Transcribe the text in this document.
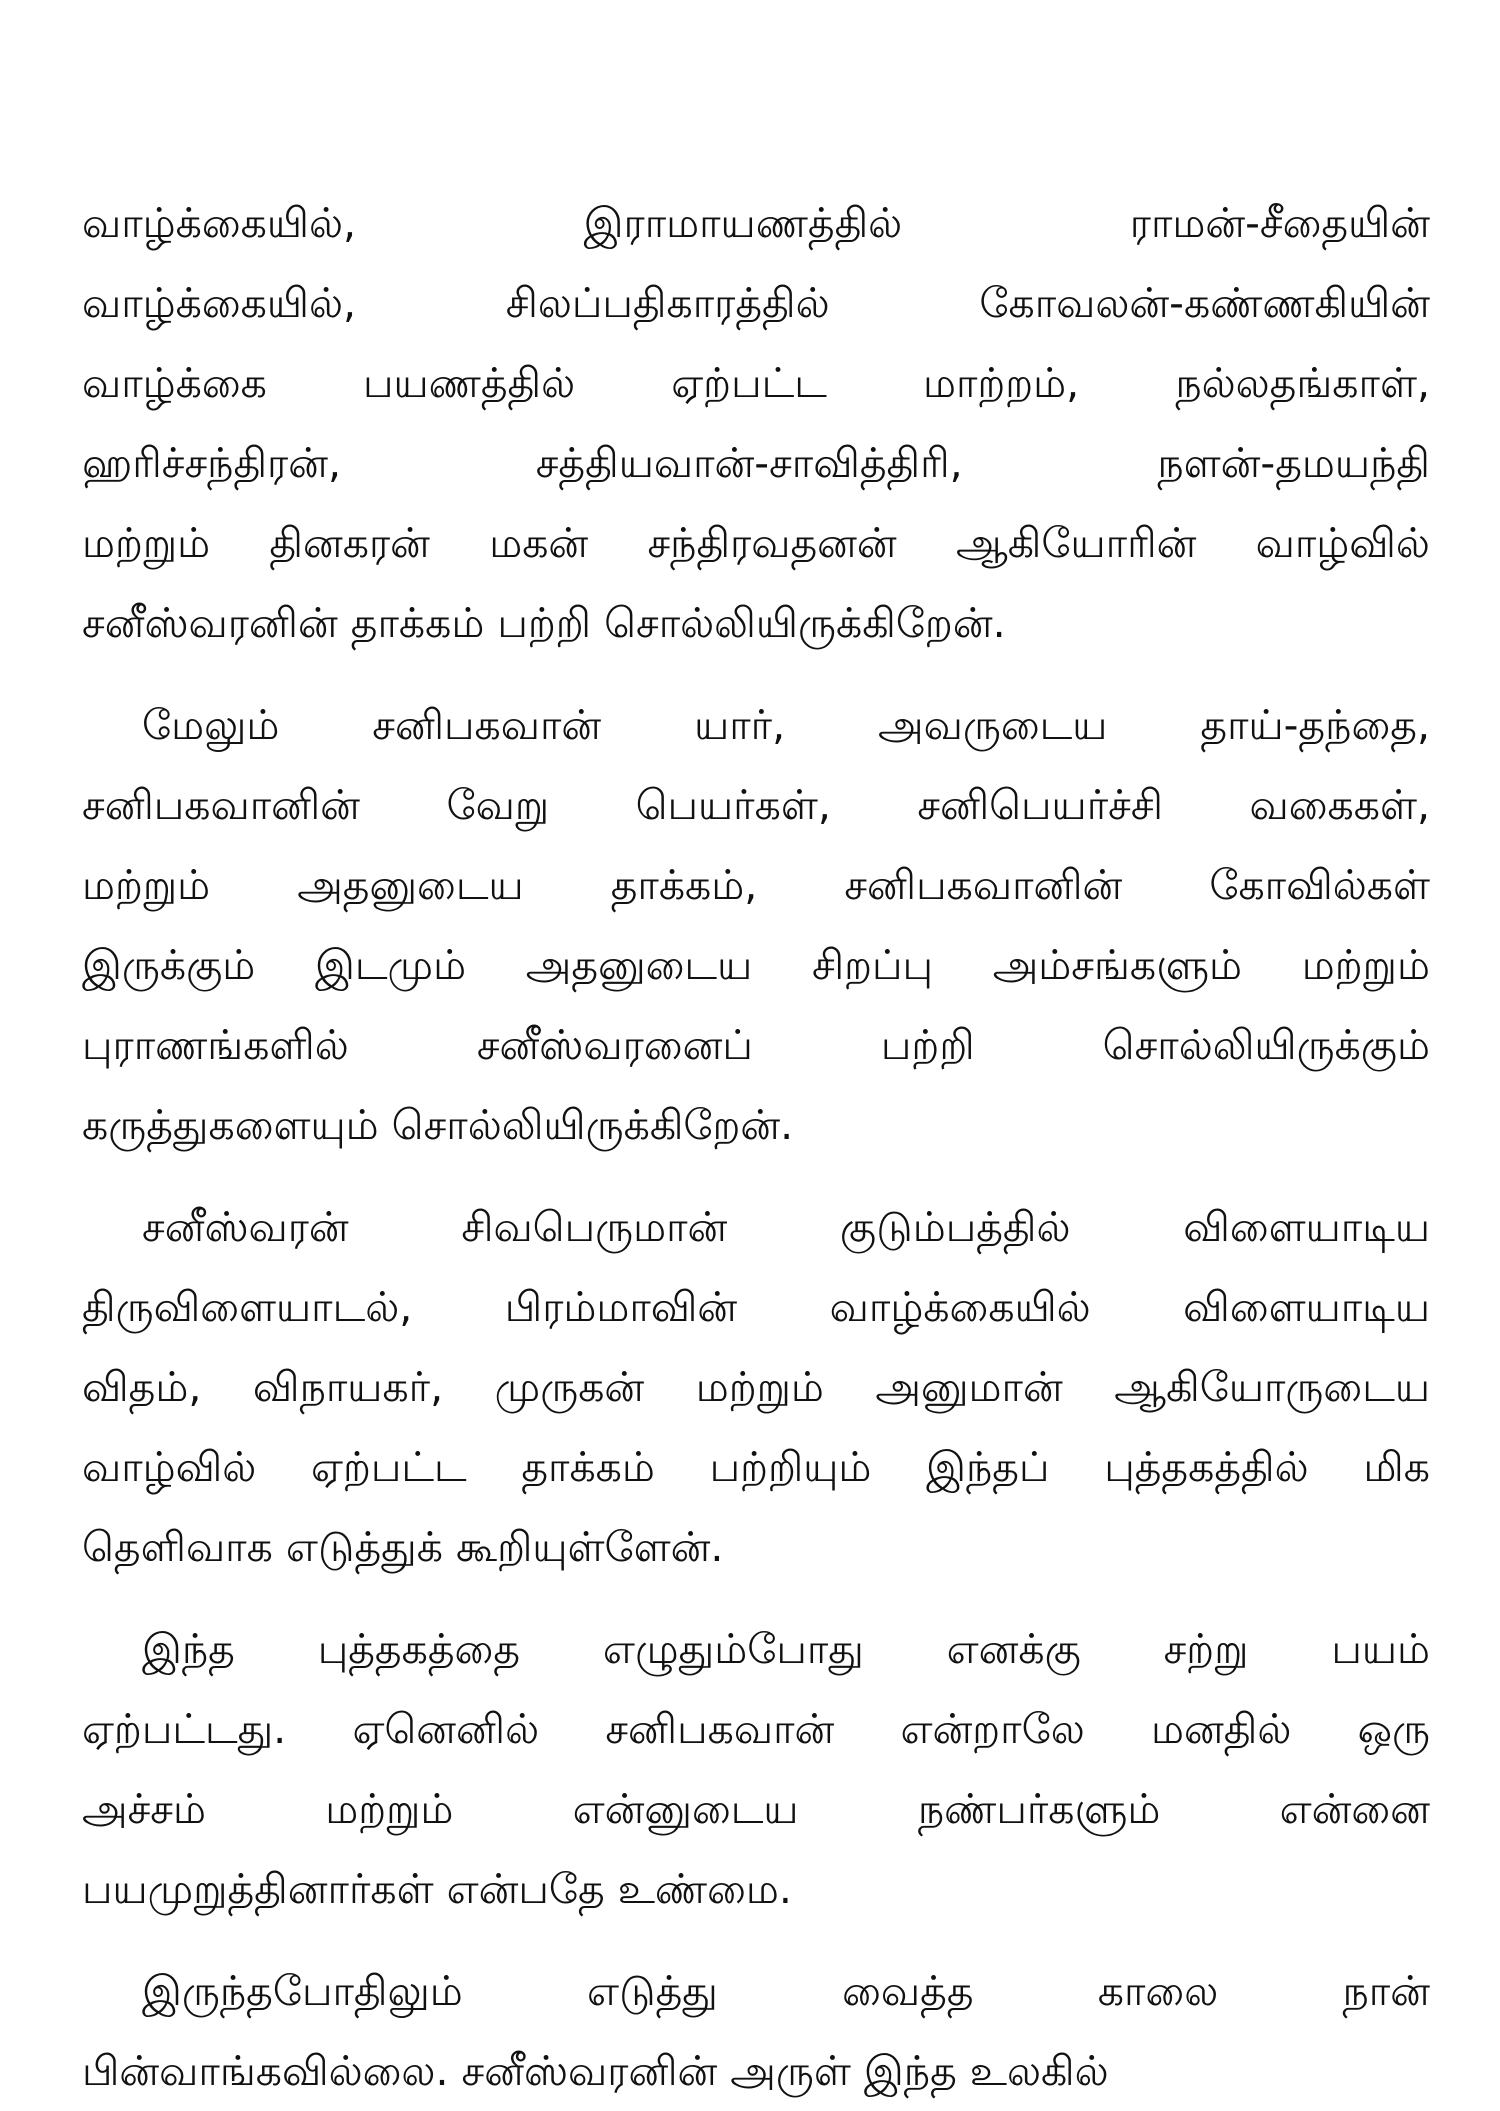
வாழ்க்கையில்,	இராமாயணத்தில்	ராமன்-சீதையின்
வாழ்க்கையில்,	சிலப்பதிகாரத்தில்	கோவலன்-கண்ணகியின்
வாழ்க்கை பயணத்தில் ஏற்பட்ட மாற்றம், நல்லதங்காள்,
ஹரிச்சந்திரன்,	சத்தியவான்-சாவித்திரி,	நளன்-தமயந்தி
மற்றும் தினகரன் மகன் சந்திரவதனன் ஆகியோரின் வாழ்வில்
சனீஸ்வரனின் தாக்கம் பற்றி சொல்லியிருக்கிறேன்.
மேலும் சனிபகவான் யார், அவருடைய தாய்-தந்தை,
சனிபகவானின் வேறு பெயர்கள், சனிபெயர்ச்சி வகைகள்,
மற்றும் அதனுடைய தாக்கம், சனிபகவானின் கோவில்கள்
இருக்கும் இடமும் அதனுடைய சிறப்பு அம்சங்களும் மற்றும்
புராணங்களில்	சனீஸ்வரனைப்	பற்றி	சொல்லியிருக்கும்
கருத்துகளையும் சொல்லியிருக்கிறேன்.
சனீஸ்வரன்	சிவபெருமான்	குடும்பத்தில்	விளையாடிய
திருவிளையாடல், பிரம்மாவின் வாழ்க்கையில் விளையாடிய
விதம், விநாயகர், முருகன் மற்றும் அனுமான் ஆகியோருடைய
வாழ்வில் ஏற்பட்ட தாக்கம் பற்றியும் இந்தப் புத்தகத்தில் மிக
தெளிவாக எடுத்துக் கூறியுள்ளேன்.
இந்த புத்தகத்தை எழுதும்போது எனக்கு சற்று பயம்
ஏற்பட்டது. ஏனெனில் சனிபகவான் என்றாலே மனதில் ஒரு
அச்சம்	மற்றும்	என்னுடைய	நண்பர்களும்	என்னை
பயமுறுத்தினார்கள் என்பதே உண்மை.
இருந்தபோதிலும்	எடுத்து	வைத்த	காலை	நான்
பின்வாங்கவில்லை. சனீஸ்வரனின் அருள் இந்த உலகில்
